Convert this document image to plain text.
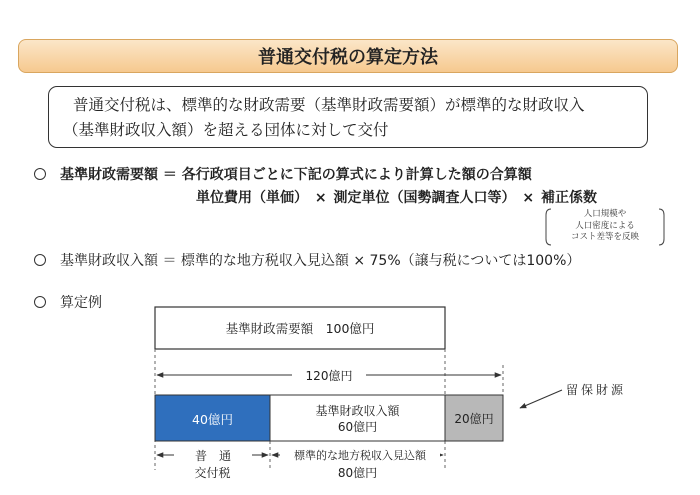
普通交付税の算定方法
普通交付税は、標準的な財政需要（基準財政需要額）が標準的な財政収入
（基準財政収入額）を超える団体に対して交付
基準財政需要額 ＝ 各行政項目ごとに下記の算式により計算した額の合算額
単位費用（単価） × 測定単位（国勢調査人口等） × 補正係数
人口規模や
人口密度による
コスト差等を反映
基準財政収入額 ＝ 標準的な地方税収入見込額 × 75%（譲与税については100%）
算定例
基準財政需要額　100億円
120億円
40億円
基準財政収入額
60億円
20億円
留保財源
普　通
交付税
標準的な地方税収入見込額
80億円
